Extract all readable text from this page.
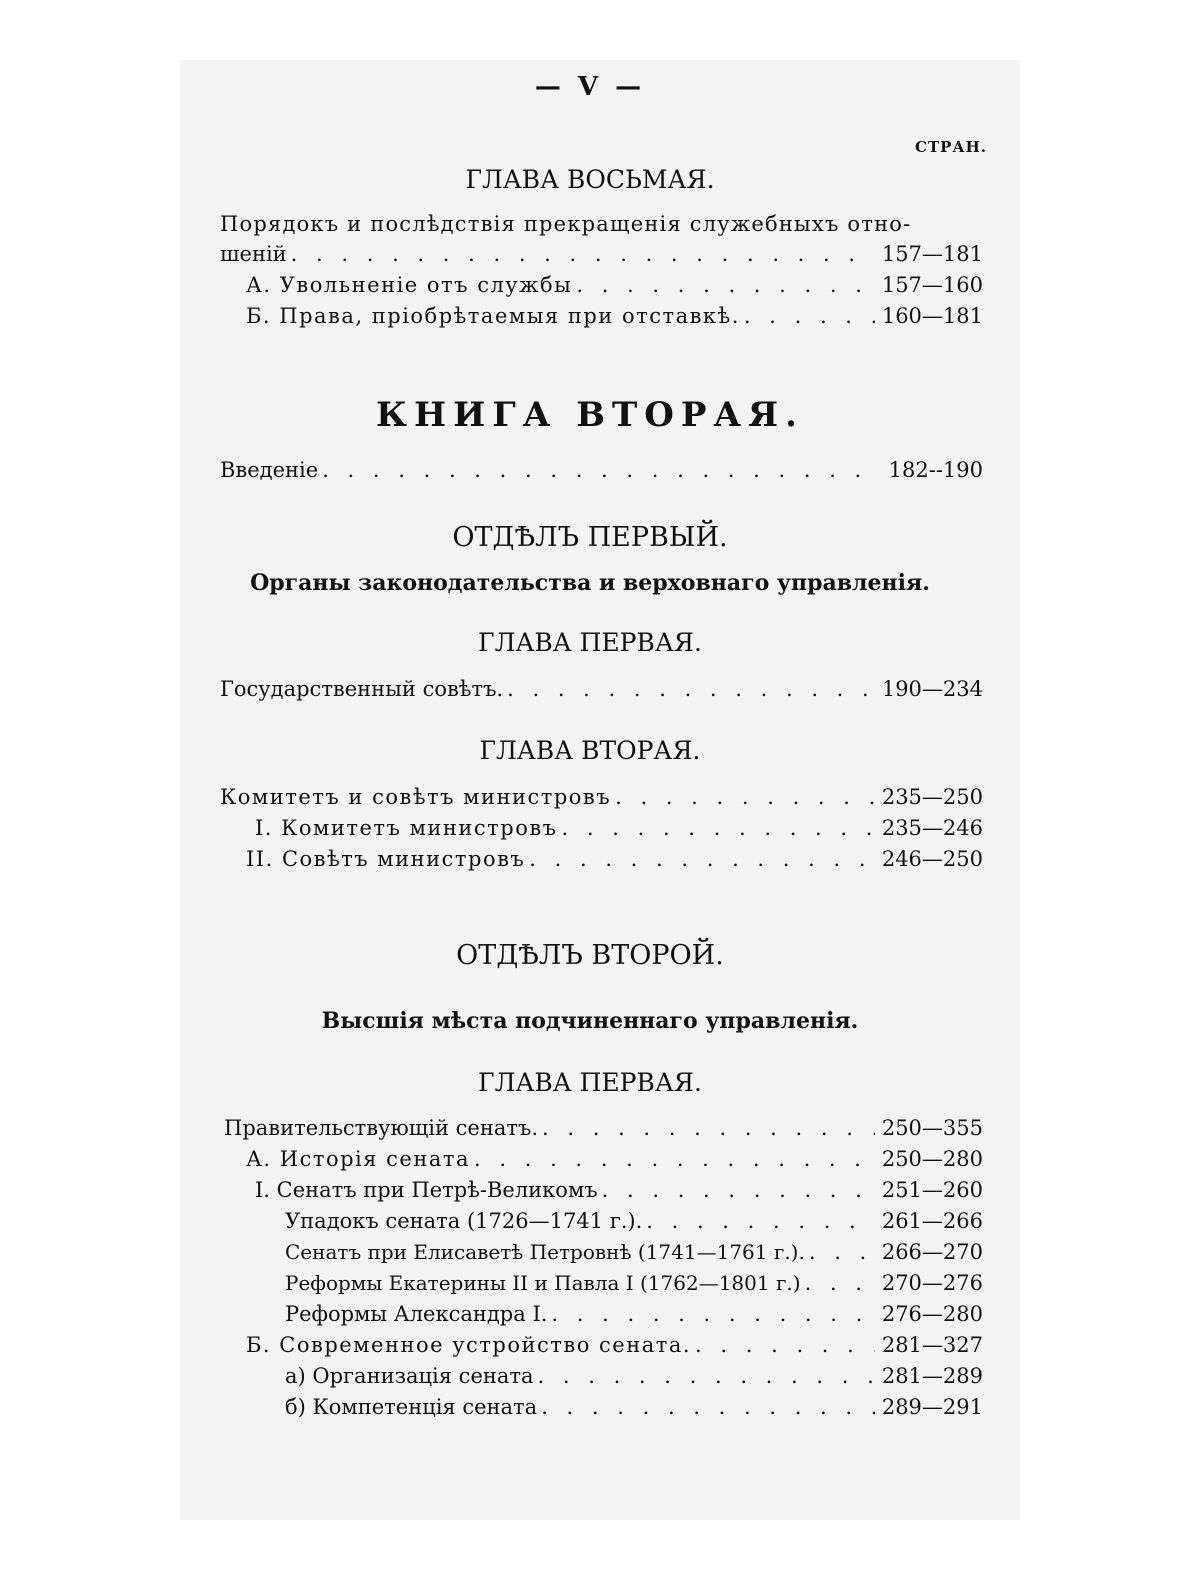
— V —
СТРАН.
ГЛАВА ВОСЬМАЯ.
Порядокъ и послѣдствія прекращенія служебныхъ отно-
шеній . . .	157—181
А. Увольненіе отъ службы . . .	157—160
Б. Права, пріобрѣтаемыя при отставкѣ. . . .	160—181
КНИГА ВТОРАЯ.
Введеніе . . .	182--190
ОТДѢЛЪ ПЕРВЫЙ.
Органы законодательства и верховнаго управленія.
ГЛАВА ПЕРВАЯ.
Государственный совѣтъ. . . .	190—234
ГЛАВА ВТОРАЯ.
Комитетъ и совѣтъ министровъ . . .	235—250
I. Комитетъ министровъ . . .	235—246
II. Совѣтъ министровъ . . .	246—250
ОТДѢЛЪ ВТОРОЙ.
Высшія мѣста подчиненнаго управленія.
ГЛАВА ПЕРВАЯ.
Правительствующій сенатъ. . . .	250—355
А. Исторія сената . . .	250—280
I. Сенатъ при Петрѣ-Великомъ . . .	251—260
Упадокъ сената (1726—1741 г.). . . .	261—266
Сенатъ при Елисаветѣ Петровнѣ (1741—1761 г.). . . .	266—270
Реформы Екатерины II и Павла I (1762—1801 г.) . . .	270—276
Реформы Александра I. . . .	276—280
Б. Современное устройство сената. . . .	281—327
а) Организація сената . . .	281—289
б) Компетенція сената . . .	289—291
